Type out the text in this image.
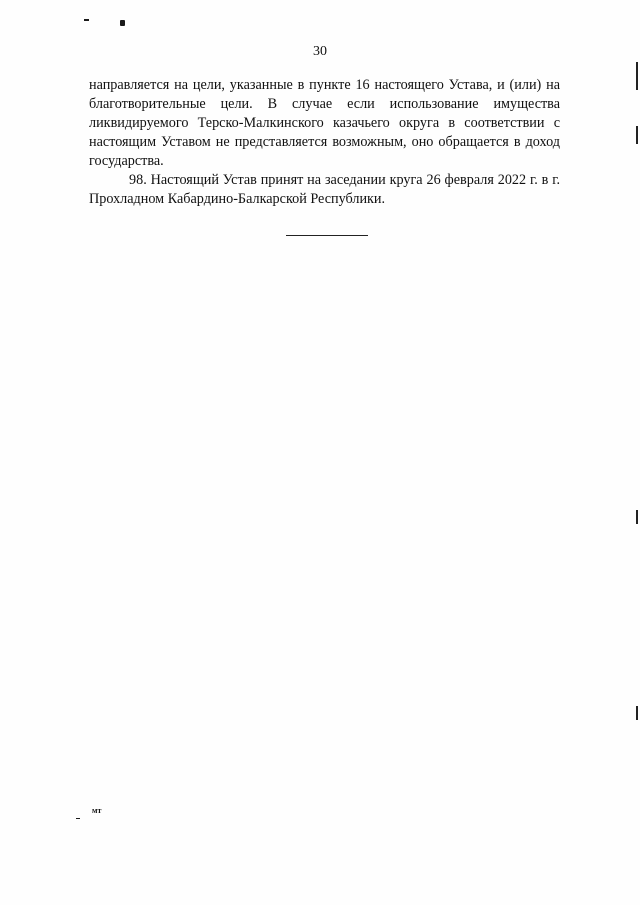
30

направляется на цели, указанные в пункте 16 настоящего Устава, и (или) на благотворительные цели. В случае если использование имущества ликвидируемого Терско-Малкинского казачьего округа в соответствии с настоящим Уставом не представляется возможным, оно обращается в доход государства.

98. Настоящий Устав принят на заседании круга 26 февраля 2022 г. в г. Прохладном Кабардино-Балкарской Республики.

мт
